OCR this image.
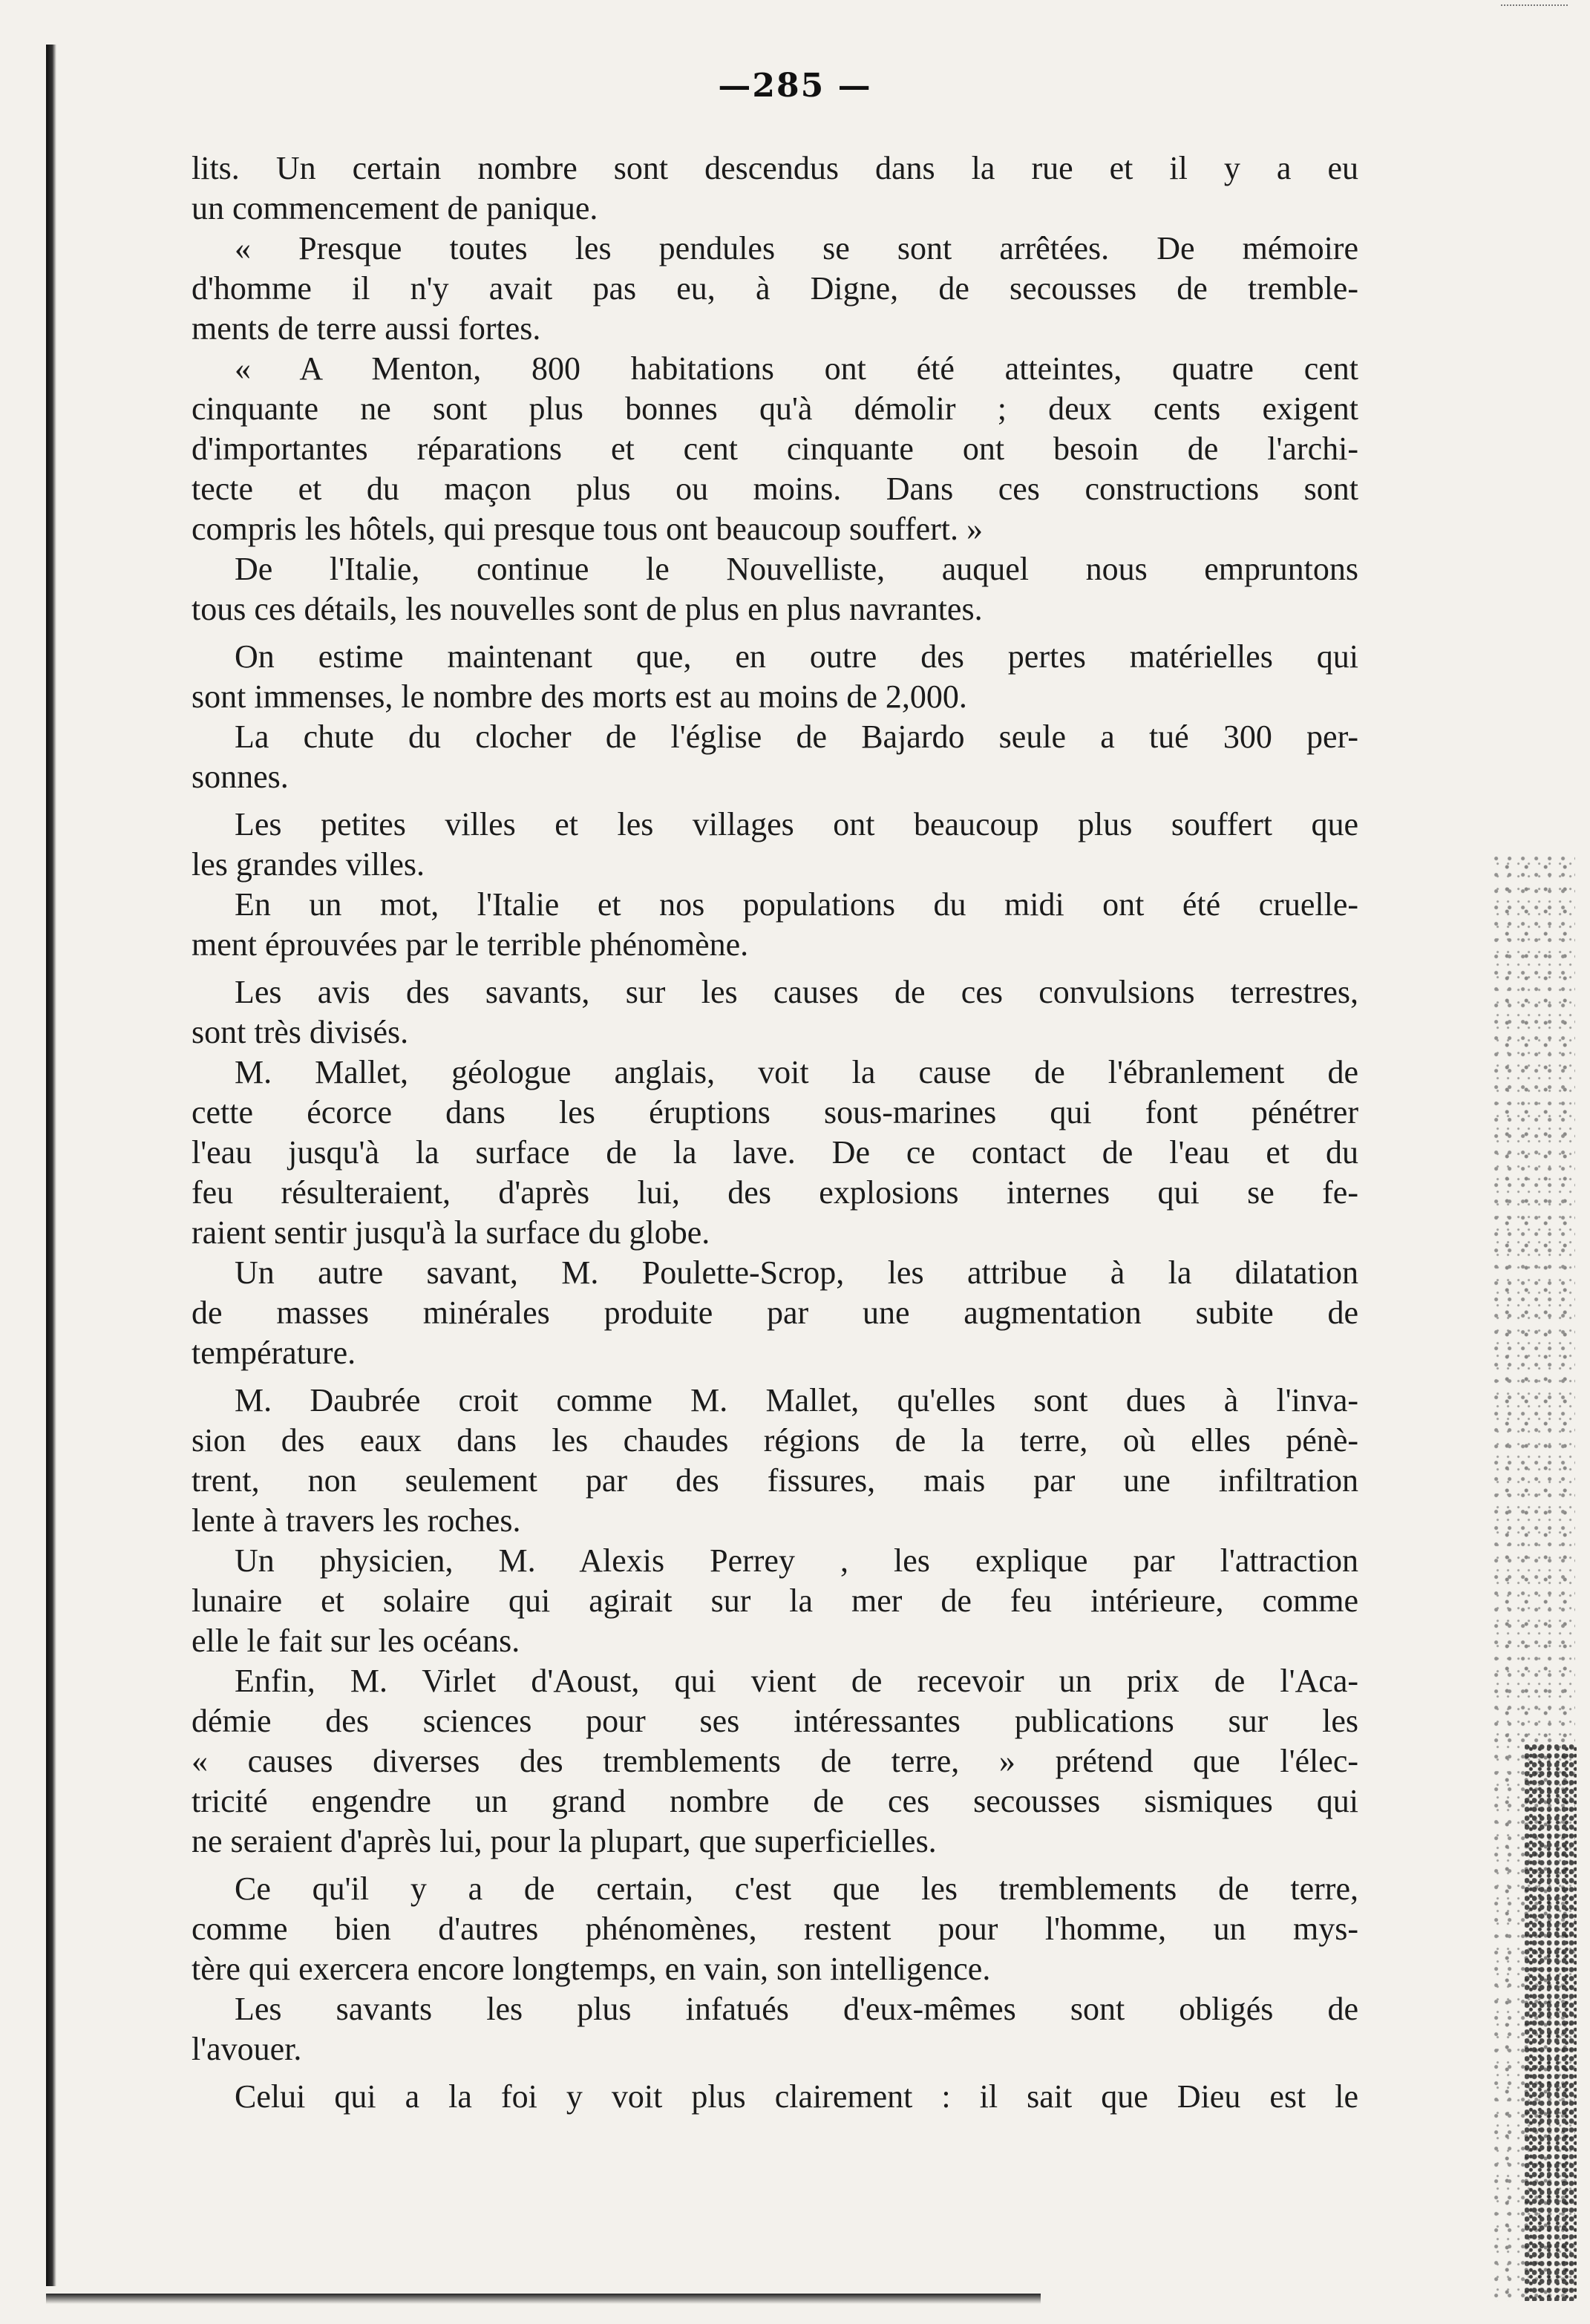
—285 —
lits. Un certain nombre sont descendus dans la rue et il y a eu
un commencement de panique.
« Presque toutes les pendules se sont arrêtées. De mémoire
d'homme il n'y avait pas eu, à Digne, de secousses de tremble-
ments de terre aussi fortes.
« A Menton, 800 habitations ont été atteintes, quatre cent
cinquante ne sont plus bonnes qu'à démolir ; deux cents exigent
d'importantes réparations et cent cinquante ont besoin de l'archi-
tecte et du maçon plus ou moins. Dans ces constructions sont
compris les hôtels, qui presque tous ont beaucoup souffert. »
De l'Italie, continue le Nouvelliste, auquel nous empruntons
tous ces détails, les nouvelles sont de plus en plus navrantes.
On estime maintenant que, en outre des pertes matérielles qui
sont immenses, le nombre des morts est au moins de 2,000.
La chute du clocher de l'église de Bajardo seule a tué 300 per-
sonnes.
Les petites villes et les villages ont beaucoup plus souffert que
les grandes villes.
En un mot, l'Italie et nos populations du midi ont été cruelle-
ment éprouvées par le terrible phénomène.
Les avis des savants, sur les causes de ces convulsions terrestres,
sont très divisés.
M. Mallet, géologue anglais, voit la cause de l'ébranlement de
cette écorce dans les éruptions sous-marines qui font pénétrer
l'eau jusqu'à la surface de la lave. De ce contact de l'eau et du
feu résulteraient, d'après lui, des explosions internes qui se fe-
raient sentir jusqu'à la surface du globe.
Un autre savant, M. Poulette-Scrop, les attribue à la dilatation
de masses minérales produite par une augmentation subite de
température.
M. Daubrée croit comme M. Mallet, qu'elles sont dues à l'inva-
sion des eaux dans les chaudes régions de la terre, où elles pénè-
trent, non seulement par des fissures, mais par une infiltration
lente à travers les roches.
Un physicien, M. Alexis Perrey , les explique par l'attraction
lunaire et solaire qui agirait sur la mer de feu intérieure, comme
elle le fait sur les océans.
Enfin, M. Virlet d'Aoust, qui vient de recevoir un prix de l'Aca-
démie des sciences pour ses intéressantes publications sur les
« causes diverses des tremblements de terre, » prétend que l'élec-
tricité engendre un grand nombre de ces secousses sismiques qui
ne seraient d'après lui, pour la plupart, que superficielles.
Ce qu'il y a de certain, c'est que les tremblements de terre,
comme bien d'autres phénomènes, restent pour l'homme, un mys-
tère qui exercera encore longtemps, en vain, son intelligence.
Les savants les plus infatués d'eux-mêmes sont obligés de
l'avouer.
Celui qui a la foi y voit plus clairement : il sait que Dieu est le
